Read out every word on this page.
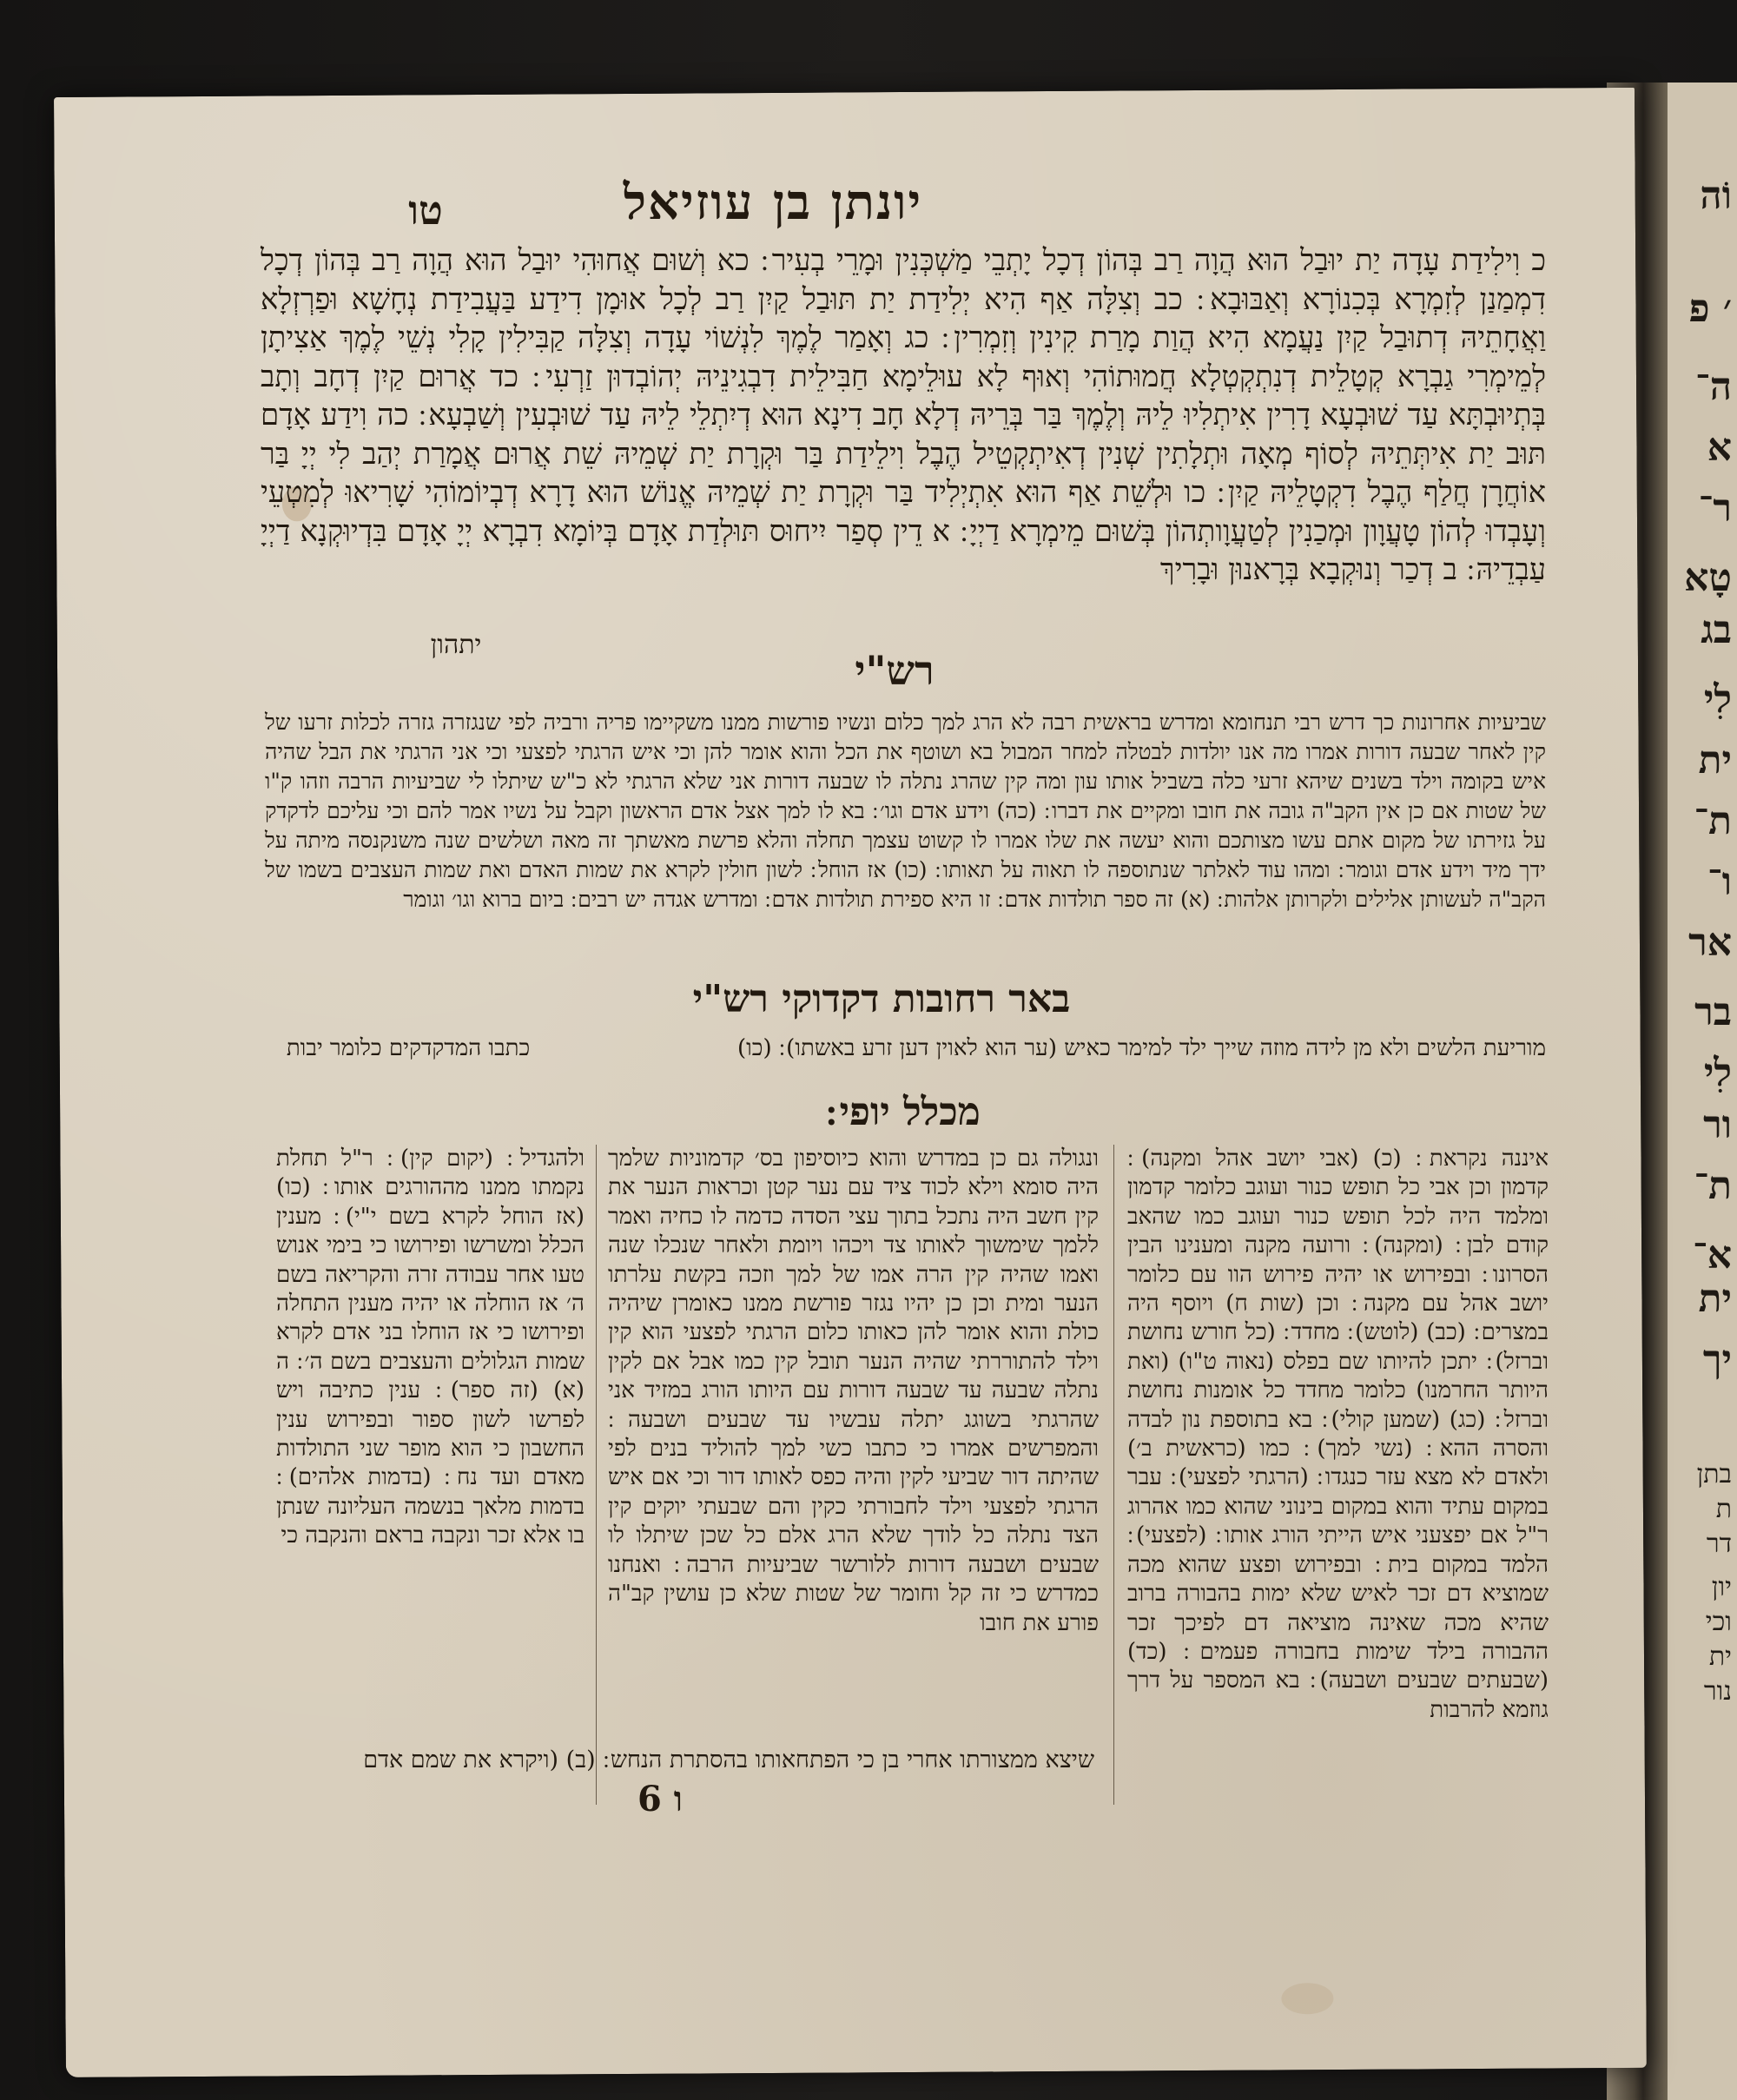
וֹה
׳ פ
ה־
א
ר־
טָא
בג
לִי
ית
ת־
ו־
אר
בר
לִי
ור
ת־
א־
ית
יך
בתן
ת
דר
יון
וכי
ית
נור
יונתן בן עוזיאל
טו
כ וִילִידַת עָדָה יַת יוּבַל הוּא הֲוָה רַב בְּהוֹן דְכָל יָתְבֵי מַשְׁכְּנִין וּמָרֵי בְעִיר ׃ כא וְשׁוּם אֲחוּהִי יוּבַל הוּא הֲוָה רַב בְּהוֹן דְכָל דִמְמַנַן לְזִמְרָא בְּכִנוֹרָא וְאַבּוּבָא ׃ כב וְצִלָּה אַף הִיא יְלִידַת יַת תּוּבַל קַיִן רַב לְכָל אוּמָן דִידַע בַּעֲבִידַת נְחָשָׁא וּפַרְזְלָא וַאֲחָתֵיהּ דְתוּבַל קַיִן נַעֲמָא הִיא הֲוַת מָרַת קִינִין וְזִמְרִין ׃ כג וְאָמַר לֶמֶךְ לִנְשׁוֹי עָדָה וְצִלָּה קַבִּילִין קָלִי נְשֵׁי לֶמֶךְ אַצִיתָן לְמֵימְרִי גַבְרָא קְטָלֵית דְנִתְקְטְלָא חֲמוּתוֹהִי וְאוּף לָא עוּלֵימָא חַבִּילֵית דִבְגִינֵיהּ יְהוֹבְדוּן זַרְעִי ׃ כד אֲרוּם קַיִן דְחָב וְתָב בְּתְיוּבְתָּא עַד שׁוּבְעָא דָרִין אִיתְלִיוּ לֵיהּ וְלֶמֶךְ בַּר בְּרֵיהּ דְלָא חָב דִינָא הוּא דְיִתְלֵי לֵיהּ עַד שׁוּבְעִין וְשַׁבְעָא ׃ כה וִידַע אָדָם תּוּב יַת אִיתְּתֵיהּ לְסוֹף מְאָה וּתְלָתִין שְׁנִין דְאִיתְקְטֵיל הֶבֶל וִילֵידַת בַּר וּקְרָת יַת שְׁמֵיהּ שֵׁת אֲרוּם אֲמָרַת יְהַב לִי יְיָ בַּר אוֹחֲרָן חֲלַף הֶבֶל דִקְטָלֵיהּ קַיִן ׃ כו וּלְשֵׁת אַף הוּא אִתְיְלִיד בַּר וּקְרָת יַת שְׁמֵיהּ אֱנוֹשׁ הוּא דָרָא דְבְיוֹמוֹהִי שָׁרִיאוּ לְמִטְעֵי וְעָבְדוּ לְהוֹן טָעֲוָון וּמְכַנִין לְטַעֲוָותְהוֹן בְּשׁוּם מֵימְרָא דַיְיָ ׃ א דֵין סְפַר יִיחוּס תּוּלְדַת אָדָם בְּיוֹמָא דִבְרָא יְיָ אָדָם בִּדְיוּקְנָא דַיְיָ עַבְדֵיהּ ׃ ב דְכַר וְנוּקְבָא בְּרָאנוּן וּבָרִיךְ
יתהון
רש"י
שביעיות אחרונות כך דרש רבי תנחומא ומדרש בראשית רבה לא הרג למך כלום ונשיו פורשות ממנו משקיימו פריה ורביה לפי שנגזרה גזרה לכלות זרעו של קין לאחר שבעה דורות אמרו מה אנו יולדות לבטלה למחר המבול בא ושוטף את הכל והוא אומר להן וכי איש הרגתי לפצעי וכי אני הרגתי את הבל שהיה איש בקומה וילד בשנים שיהא זרעי כלה בשביל אותו עון ומה קין שהרג נתלה לו שבעה דורות אני שלא הרגתי לא כ"ש שיתלו לי שביעיות הרבה וזהו ק"ו של שטות אם כן אין הקב"ה גובה את חובו ומקיים את דברו ׃ (כה) וידע אדם וגו׳ ׃ בא לו למך אצל אדם הראשון וקבל על נשיו אמר להם וכי עליכם לדקדק על גזירתו של מקום אתם עשו מצותכם והוא יעשה את שלו אמרו לו קשוט עצמך תחלה והלא פרשת מאשתך זה מאה ושלשים שנה משנקנסה מיתה על ידך מיד וידע אדם וגומר ׃ ומהו עוד לאלתר שנתוספה לו תאוה על תאותו ׃ (כו) אז הוחל ׃ לשון חולין לקרא את שמות האדם ואת שמות העצבים בשמו של הקב"ה לעשותן אלילים ולקרותן אלהות ׃ (א) זה ספר תולדות אדם ׃ זו היא ספירת תולדות אדם ׃ ומדרש אגדה יש רבים ׃ ביום ברוא וגו׳ וגומר
באר רחובות דקדוקי רש"י
מוריעת הלשים ולא מן לידה מוזה שייך ילד למימר כאיש (ער הוא לאוין דען זרע באשתו) ׃ (כו)
כתבו המדקדקים כלומר יבות
מכלל יופי ׃
איננה נקראת ׃ (כ) (אבי יושב אהל ומקנה) ׃ קדמון וכן אבי כל תופש כנור ועוגב כלומר קדמון ומלמד היה לכל תופש כנור ועוגב כמו שהאב קודם לבן ׃ (ומקנה) ׃ ורועה מקנה ומענינו הבין הסרונו ׃ ובפירוש או יהיה פירוש הוו עם כלומר יושב אהל עם מקנה ׃ וכן (שות ח) ויוסף היה במצרים ׃ (כב) (לוטש) ׃ מחדד ׃ (כל חורש נחושת וברזל) ׃ יתכן להיותו שם בפלס (נאוה ט"ו) (ואת היותר החרמנו) כלומר מחדד כל אומנות נחושת וברזל ׃ (כג) (שמען קולי) ׃ בא בתוספת נון לבדה והסרה ההא ׃ (נשי למך) ׃ כמו (כראשית ב׳) ולאדם לא מצא עזר כנגדו ׃ (הרגתי לפצעי) ׃ עבר במקום עתיד והוא במקום בינוני שהוא כמו אהרוג ר"ל אם יפצעני איש הייתי הורג אותו ׃ (לפצעי) ׃ הלמד במקום בית ׃ ובפירוש ופצע שהוא מכה שמוציא דם זכר לאיש שלא ימות בהבורה ברוב שהיא מכה שאינה מוציאה דם לפיכך זכר ההבורה בילד שימות בחבורה פעמים ׃ (כד) (שבעתים שבעים ושבעה) ׃ בא המספר על דרך גוזמא להרבות
ונגולה גם כן במדרש והוא כיוסיפון בס׳ קדמוניות שלמך היה סומא וילא לכוד ציד עם נער קטן וכראות הנער את קין חשב היה נתכל בתוך עצי הסדה כדמה לו כחיה ואמר ללמך שימשוך לאותו צד ויכהו ויומת ולאחר שנכלו שנה ואמו שהיה קין הרה אמו של למך וזכה בקשת עלרתו הנער ומית וכן כן יהיו נגזר פורשת ממנו כאומרן שיהיה כולת והוא אומר להן כאותו כלום הרגתי לפצעי הוא קין וילד להתוררתי שהיה הנער תובל קין כמו אבל אם לקין נתלה שבעה עד שבעה דורות עם היותו הורג במזיד אני שהרגתי בשוגג יתלה עבשיו עד שבעים ושבעה ׃ והמפרשים אמרו כי כתבו כשי למך להוליד בנים לפי שהיתה דור שביעי לקין והיה כפס לאותו דור וכי אם איש הרגתי לפצעי וילד לחבורתי כקין והם שבעתי יוקים קין הצד נתלה כל לודך שלא הרג אלם כל שכן שיתלו לו שבעים ושבעה דורות ללורשר שביעיות הרבה ׃ ואנחנו כמדרש כי זה קל וחומר של שטות שלא כן עושין קב"ה פורע את חובו
ולהגדיל ׃ (יקום קין) ׃ ר"ל תחלת נקמתו ממנו מההורגים אותו ׃ (כו) (אז הוחל לקרא בשם י"י) ׃ מענין הכלל ומשרשו ופירושו כי בימי אנוש טעו אחר עבודה זרה והקריאה בשם ה׳ אז הוחלה או יהיה מענין התחלה ופירושו כי אז הוחלו בני אדם לקרא שמות הגלולים והעצבים בשם ה׳ ׃ ה (א) (זה ספר) ׃ ענין כתיבה ויש לפרשו לשון ספור ובפירוש ענין החשבון כי הוא מופר שני התולדות מאדם ועד נח ׃ (בדמות אלהים) ׃ בדמות מלאך בנשמה העליונה שנתן בו אלא זכר ונקבה בראם והנקבה כי
שיצא ממצורתו אחרי בן כי הפתחאותו בהסתרת הנחש ׃ (ב) (ויקרא את שמם אדם
6 ו
